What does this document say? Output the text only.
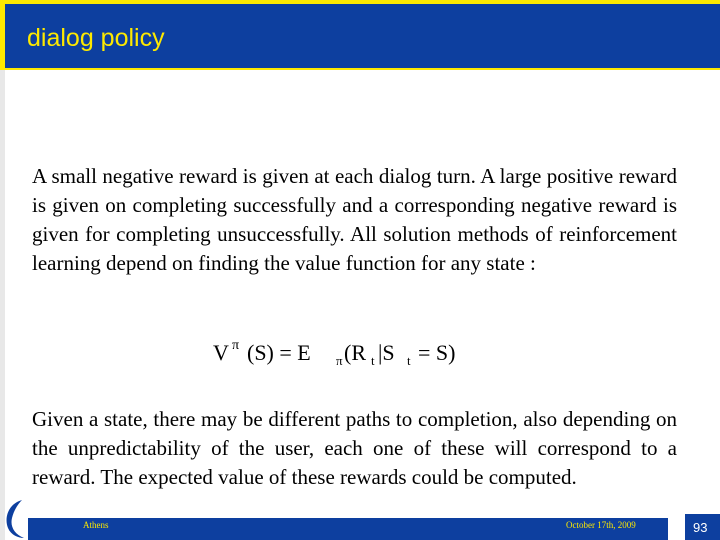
dialog policy
A small negative reward is given at each dialog turn. A large positive reward is given on completing successfully and a corresponding negative reward is given for completing unsuccessfully. All solution methods of reinforcement learning depend on finding the value function for any state :
V π (S) = E π (R t |S t = S)
Given a state, there may be different paths to completion, also depending on the unpredictability of the user, each one of these will correspond to a reward. The expected value of these rewards could be computed.
Athens	October 17th, 2009	93
